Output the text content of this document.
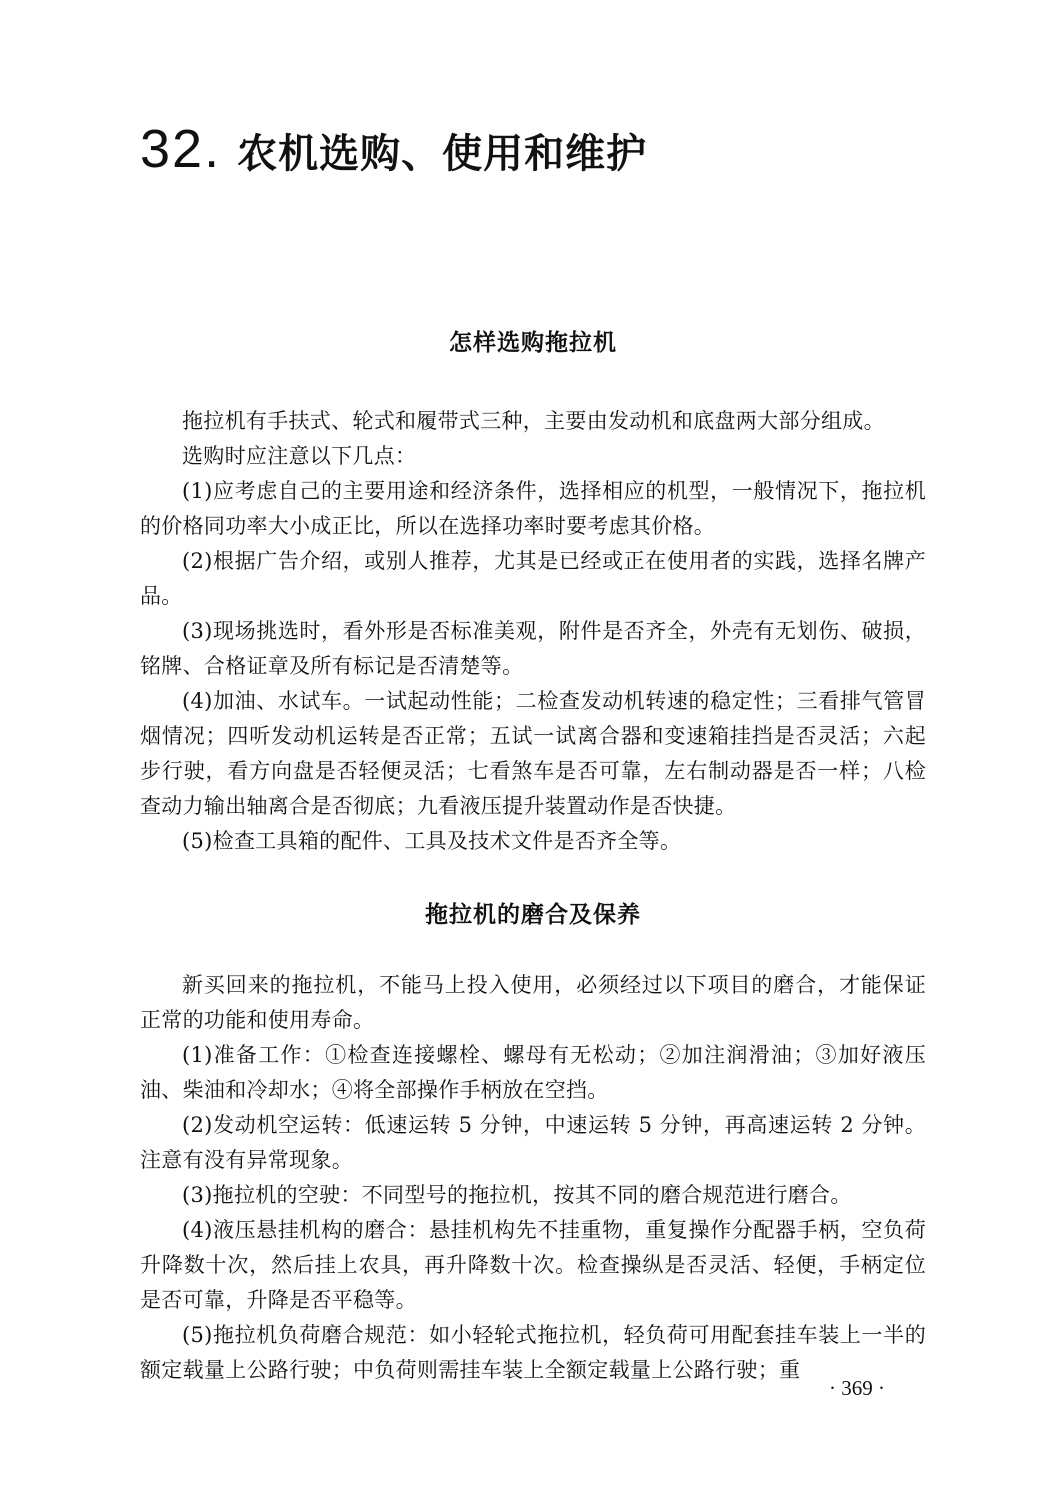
32. 农机选购、使用和维护
怎样选购拖拉机

拖拉机有手扶式、轮式和履带式三种，主要由发动机和底盘两大部分组成。

选购时应注意以下几点：

(1)应考虑自己的主要用途和经济条件，选择相应的机型，一般情况下，拖拉机的价格同功率大小成正比，所以在选择功率时要考虑其价格。

(2)根据广告介绍，或别人推荐，尤其是已经或正在使用者的实践，选择名牌产品。

(3)现场挑选时，看外形是否标准美观，附件是否齐全，外壳有无划伤、破损，铭牌、合格证章及所有标记是否清楚等。

(4)加油、水试车。一试起动性能；二检查发动机转速的稳定性；三看排气管冒烟情况；四听发动机运转是否正常；五试一试离合器和变速箱挂挡是否灵活；六起步行驶，看方向盘是否轻便灵活；七看煞车是否可靠，左右制动器是否一样；八检查动力输出轴离合是否彻底；九看液压提升装置动作是否快捷。

(5)检查工具箱的配件、工具及技术文件是否齐全等。

拖拉机的磨合及保养

新买回来的拖拉机，不能马上投入使用，必须经过以下项目的磨合，才能保证正常的功能和使用寿命。

(1)准备工作：①检查连接螺栓、螺母有无松动；②加注润滑油；③加好液压油、柴油和冷却水；④将全部操作手柄放在空挡。

(2)发动机空运转：低速运转 5 分钟，中速运转 5 分钟，再高速运转 2 分钟。注意有没有异常现象。

(3)拖拉机的空驶：不同型号的拖拉机，按其不同的磨合规范进行磨合。

(4)液压悬挂机构的磨合：悬挂机构先不挂重物，重复操作分配器手柄，空负荷升降数十次，然后挂上农具，再升降数十次。检查操纵是否灵活、轻便，手柄定位是否可靠，升降是否平稳等。

(5)拖拉机负荷磨合规范：如小轻轮式拖拉机，轻负荷可用配套挂车装上一半的额定载量上公路行驶；中负荷则需挂车装上全额定载量上公路行驶；重

· 369 ·
